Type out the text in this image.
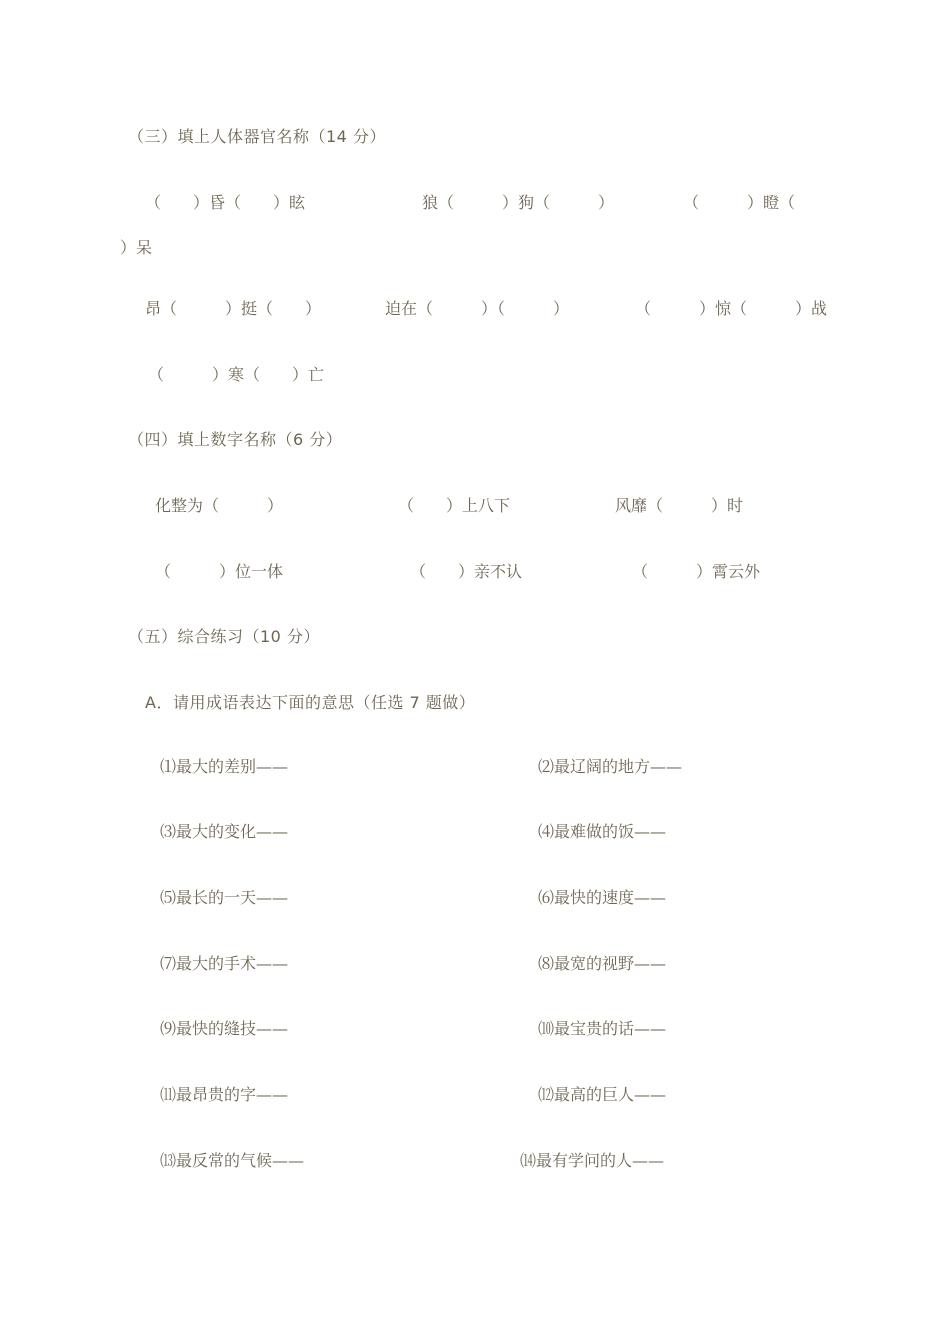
（三）填上人体器官名称（14 分）
（　　）昏（　　）眩	狼（　　　）狗（　　　）	（　　　）瞪（
）呆
昂（　　　）挺（　　）	迫在（　　　）（　　　）	（　　　）惊（　　　）战
（　　　）寒（　　）亡
（四）填上数字名称（6 分）
化整为（　　　）	（　　）上八下	风靡（　　　）时
（　　　）位一体	（　　）亲不认	（　　　）霄云外
（五）综合练习（10 分）
A．请用成语表达下面的意思（任选 7 题做）
⑴最大的差别——	⑵最辽阔的地方——
⑶最大的变化——	⑷最难做的饭——
⑸最长的一天——	⑹最快的速度——
⑺最大的手术——	⑻最宽的视野——
⑼最快的缝技——	⑽最宝贵的话——
⑾最昂贵的字——	⑿最高的巨人——
⒀最反常的气候——	⒁最有学问的人——
